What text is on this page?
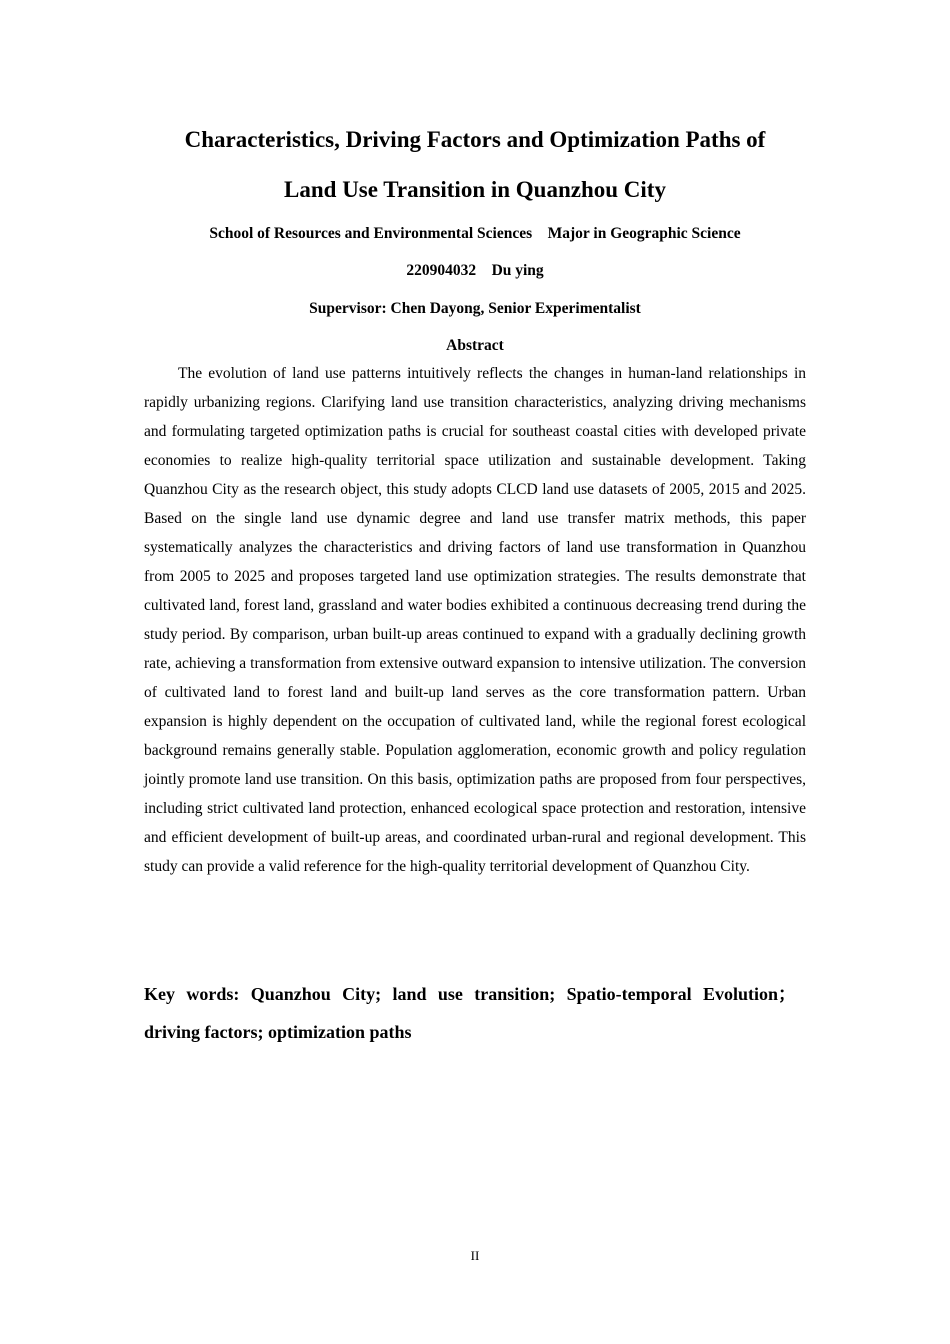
Characteristics, Driving Factors and Optimization Paths of
Land Use Transition in Quanzhou City
School of Resources and Environmental Sciences    Major in Geographic Science
220904032    Du ying
Supervisor: Chen Dayong, Senior Experimentalist
Abstract

The evolution of land use patterns intuitively reflects the changes in human-land relationships in rapidly urbanizing regions. Clarifying land use transition characteristics, analyzing driving mechanisms and formulating targeted optimization paths is crucial for southeast coastal cities with developed private economies to realize high-quality territorial space utilization and sustainable development. Taking Quanzhou City as the research object, this study adopts CLCD land use datasets of 2005, 2015 and 2025. Based on the single land use dynamic degree and land use transfer matrix methods, this paper systematically analyzes the characteristics and driving factors of land use transformation in Quanzhou from 2005 to 2025 and proposes targeted land use optimization strategies. The results demonstrate that cultivated land, forest land, grassland and water bodies exhibited a continuous decreasing trend during the study period. By comparison, urban built-up areas continued to expand with a gradually declining growth rate, achieving a transformation from extensive outward expansion to intensive utilization. The conversion of cultivated land to forest land and built-up land serves as the core transformation pattern. Urban expansion is highly dependent on the occupation of cultivated land, while the regional forest ecological background remains generally stable. Population agglomeration, economic growth and policy regulation jointly promote land use transition. On this basis, optimization paths are proposed from four perspectives, including strict cultivated land protection, enhanced ecological space protection and restoration, intensive and efficient development of built-up areas, and coordinated urban-rural and regional development. This study can provide a valid reference for the high-quality territorial development of Quanzhou City.

Key words: Quanzhou City; land use transition; Spatio-temporal Evolution；driving factors; optimization paths

II
